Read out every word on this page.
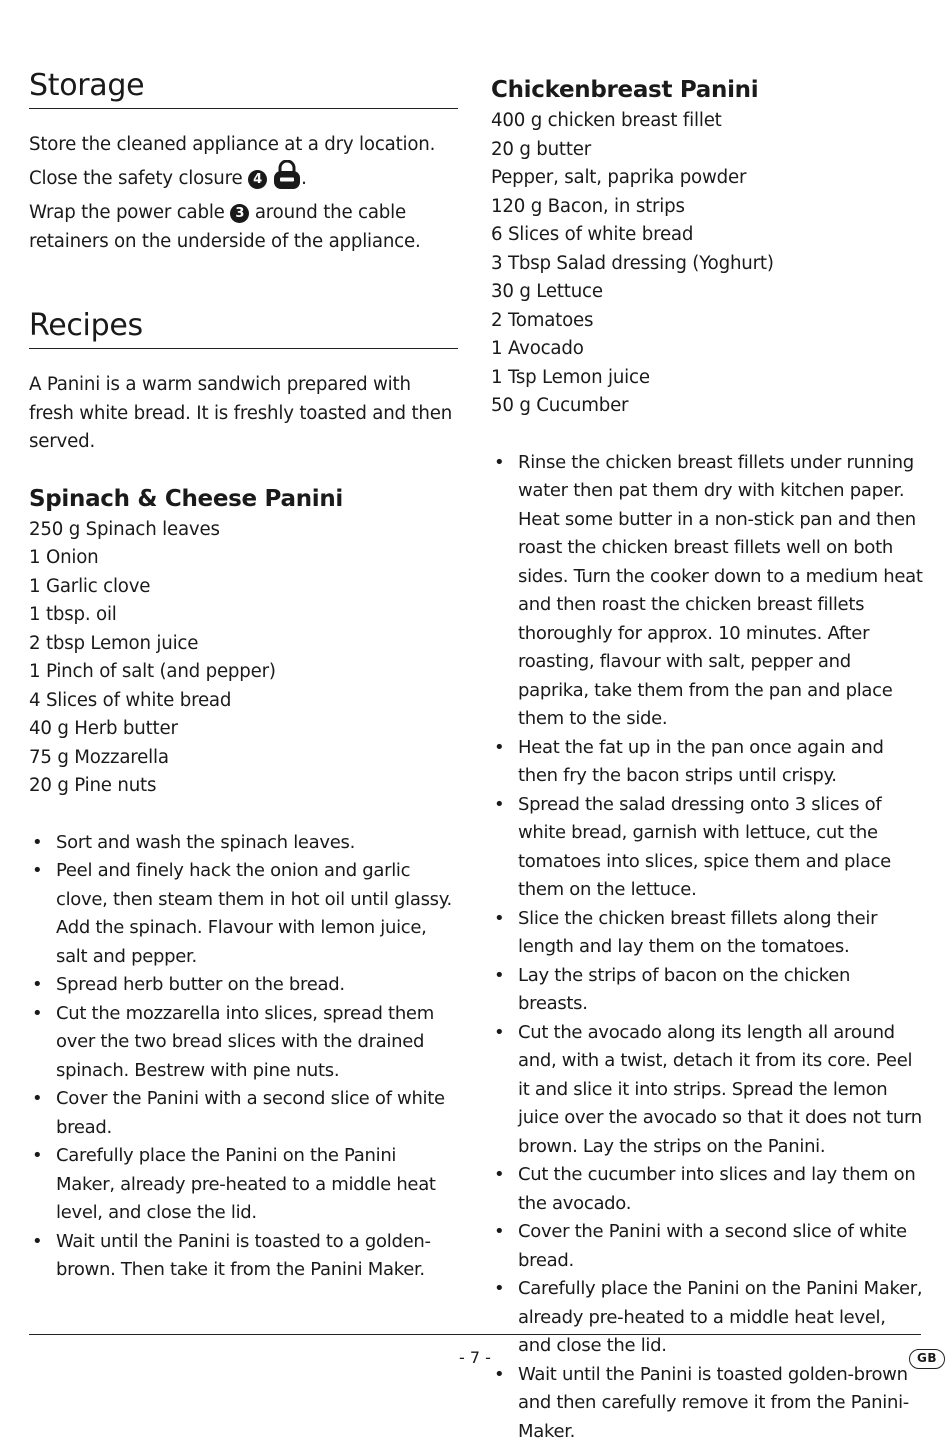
Storage

Store the cleaned appliance at a dry location.
Close the safety closure 4 .
Wrap the power cable 3 around the cable retainers on the underside of the appliance.

Recipes

A Panini is a warm sandwich prepared with fresh white bread. It is freshly toasted and then served.

Spinach & Cheese Panini
250 g Spinach leaves
1 Onion
1 Garlic clove
1 tbsp. oil
2 tbsp Lemon juice
1 Pinch of salt (and pepper)
4 Slices of white bread
40 g Herb butter
75 g Mozzarella
20 g Pine nuts
• Sort and wash the spinach leaves.
• Peel and finely hack the onion and garlic clove, then steam them in hot oil until glassy. Add the spinach. Flavour with lemon juice, salt and pepper.
• Spread herb butter on the bread.
• Cut the mozzarella into slices, spread them over the two bread slices with the drained spinach. Bestrew with pine nuts.
• Cover the Panini with a second slice of white bread.
• Carefully place the Panini on the Panini Maker, already pre-heated to a middle heat level, and close the lid.
• Wait until the Panini is toasted to a golden-brown. Then take it from the Panini Maker.
Chickenbreast Panini
400 g chicken breast fillet
20 g butter
Pepper, salt, paprika powder
120 g Bacon, in strips
6 Slices of white bread
3 Tbsp Salad dressing (Yoghurt)
30 g Lettuce
2 Tomatoes
1 Avocado
1 Tsp Lemon juice
50 g Cucumber
• Rinse the chicken breast fillets under running water then pat them dry with kitchen paper. Heat some butter in a non-stick pan and then roast the chicken breast fillets well on both sides. Turn the cooker down to a medium heat and then roast the chicken breast fillets thoroughly for approx. 10 minutes. After roasting, flavour with salt, pepper and paprika, take them from the pan and place them to the side.
• Heat the fat up in the pan once again and then fry the bacon strips until crispy.
• Spread the salad dressing onto 3 slices of white bread, garnish with lettuce, cut the tomatoes into slices, spice them and place them on the lettuce.
• Slice the chicken breast fillets along their length and lay them on the tomatoes.
• Lay the strips of bacon on the chicken breasts.
• Cut the avocado along its length all around and, with a twist, detach it from its core. Peel it and slice it into strips. Spread the lemon juice over the avocado so that it does not turn brown. Lay the strips on the Panini.
• Cut the cucumber into slices and lay them on the avocado.
• Cover the Panini with a second slice of white bread.
• Carefully place the Panini on the Panini Maker, already pre-heated to a middle heat level, and close the lid.
• Wait until the Panini is toasted golden-brown and then carefully remove it from the Panini-Maker.
- 7 -	GB
